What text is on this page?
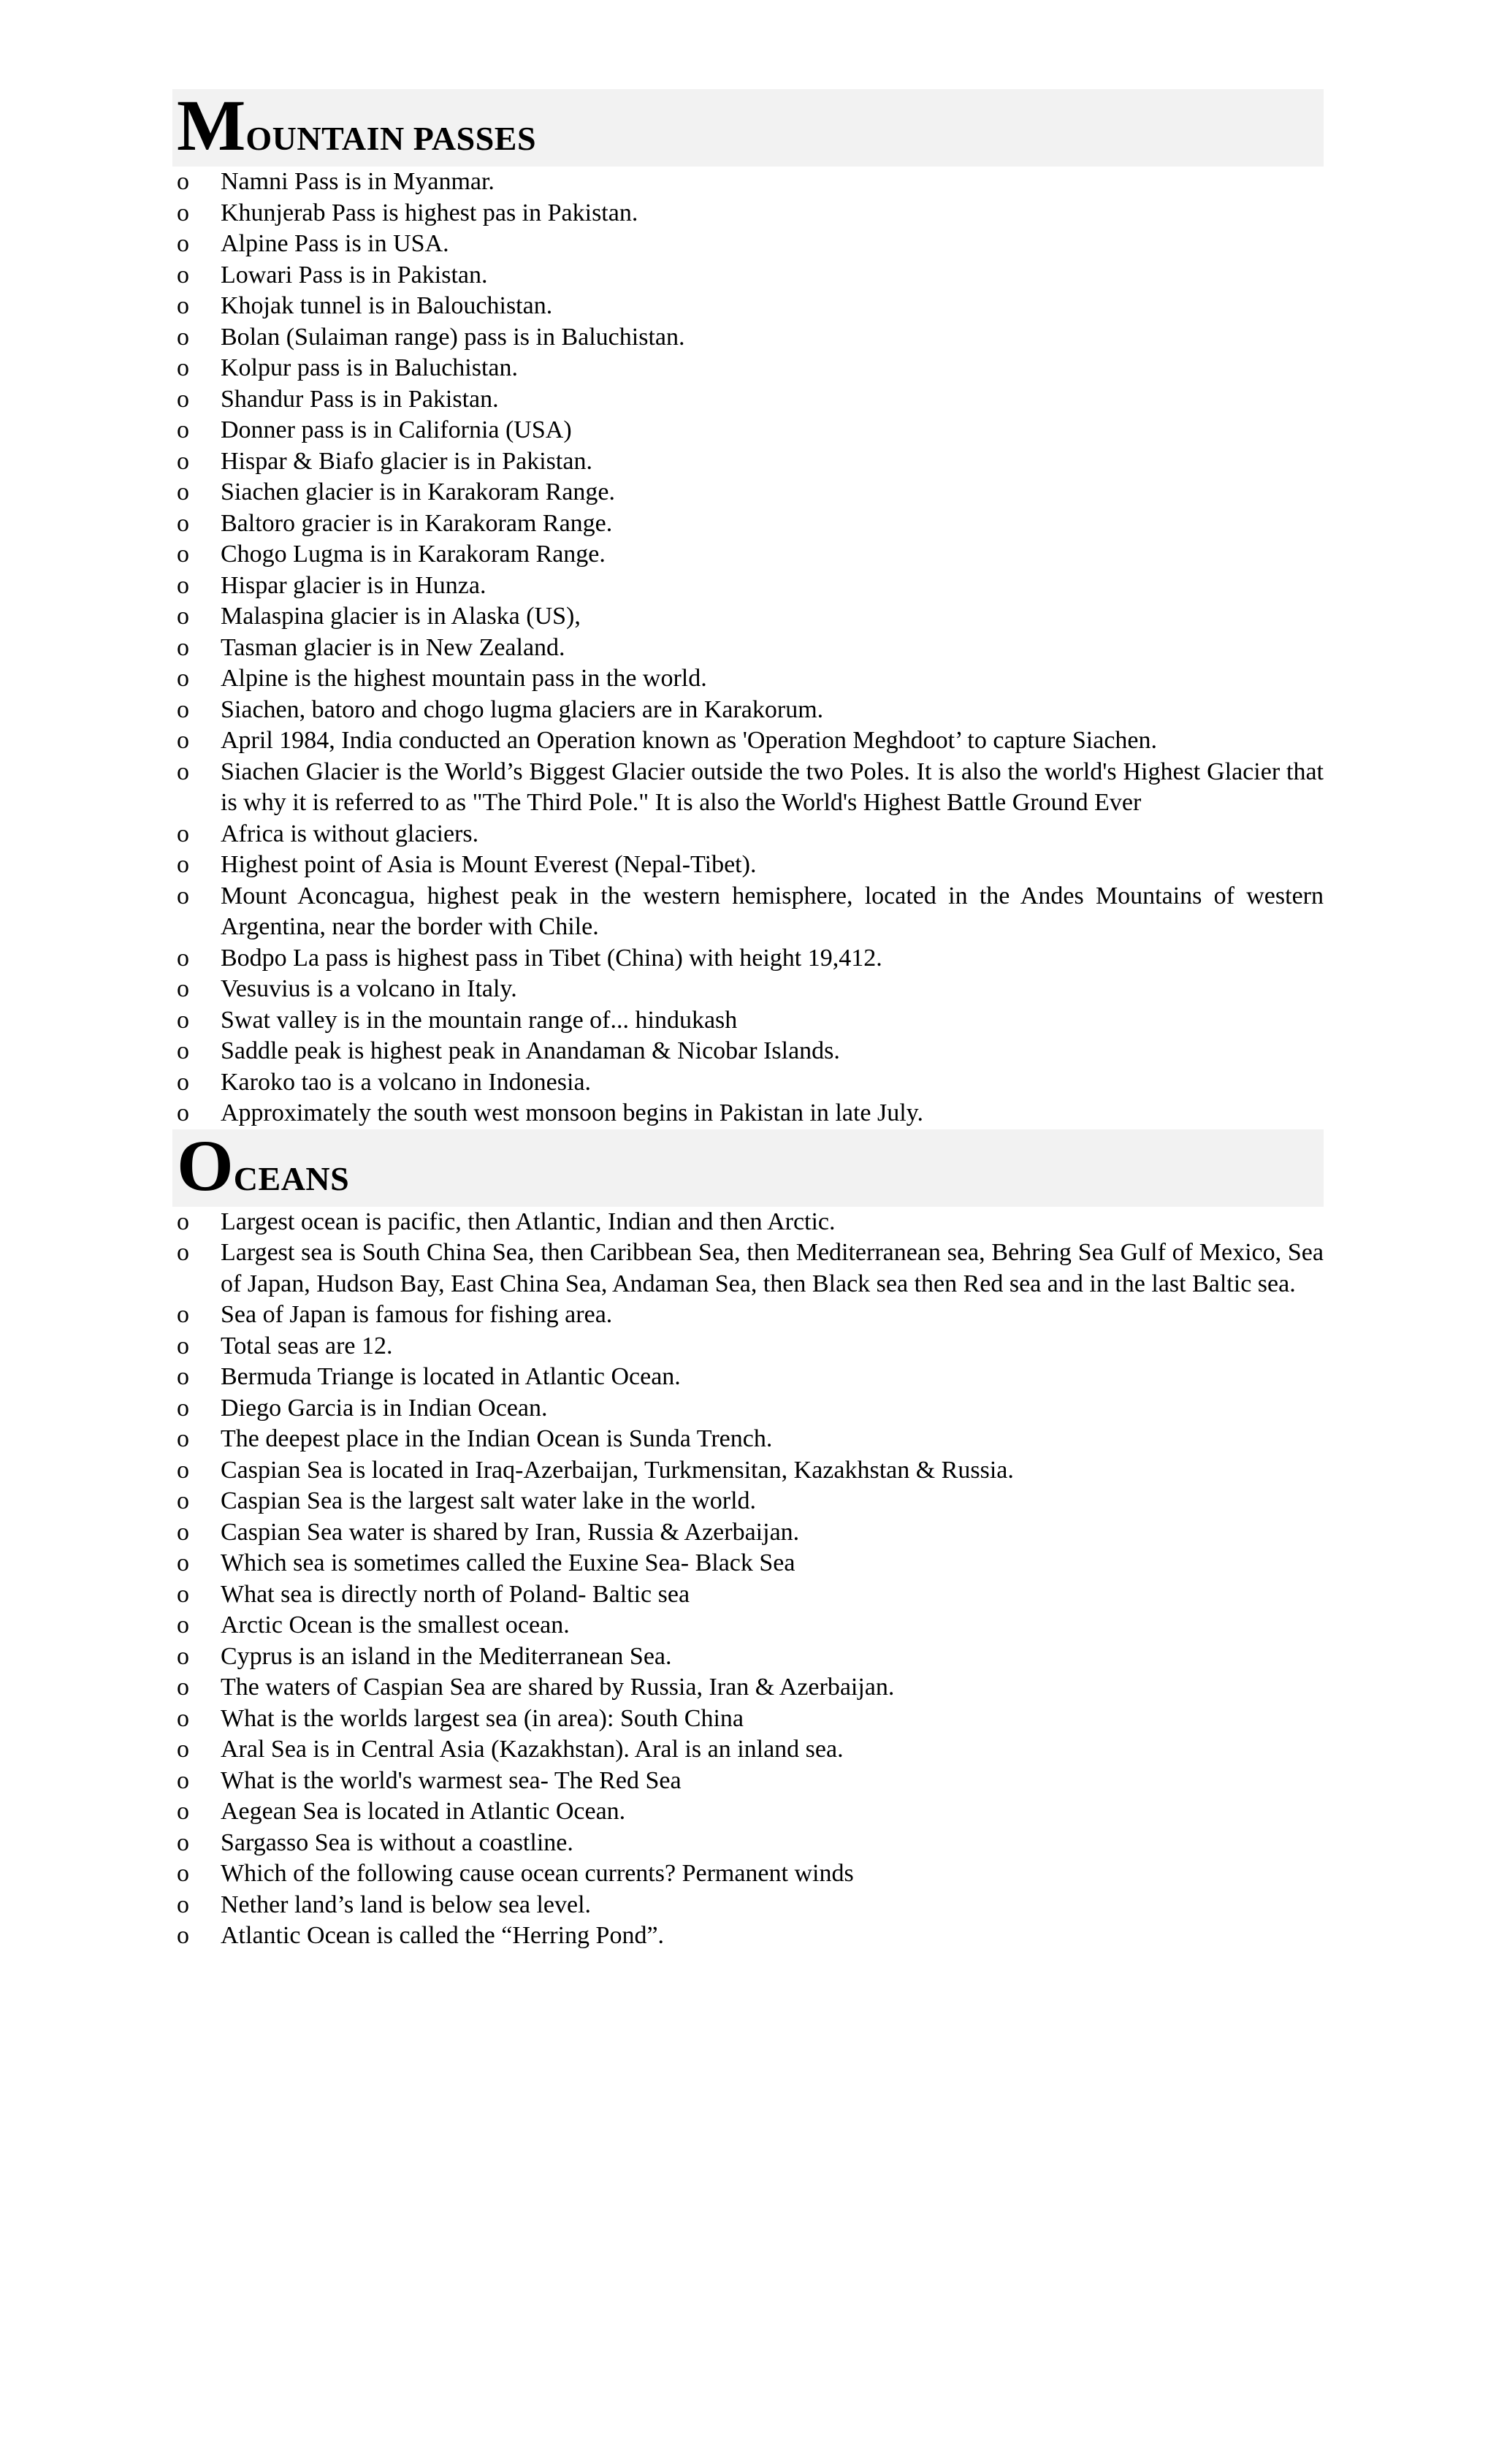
MOUNTAIN PASSES
o Namni Pass is in Myanmar.
o Khunjerab Pass is highest pas in Pakistan.
o Alpine Pass is in USA.
o Lowari Pass is in Pakistan.
o Khojak tunnel is in Balouchistan.
o Bolan (Sulaiman range) pass is in Baluchistan.
o Kolpur pass is in Baluchistan.
o Shandur Pass is in Pakistan.
o Donner pass is in California (USA)
o Hispar & Biafo glacier is in Pakistan.
o Siachen glacier is in Karakoram Range.
o Baltoro gracier is in Karakoram Range.
o Chogo Lugma is in Karakoram Range.
o Hispar glacier is in Hunza.
o Malaspina glacier is in Alaska (US),
o Tasman glacier is in New Zealand.
o Alpine is the highest mountain pass in the world.
o Siachen, batoro and chogo lugma glaciers are in Karakorum.
o April 1984, India conducted an Operation known as 'Operation Meghdoot’ to capture Siachen.
o Siachen Glacier is the World’s Biggest Glacier outside the two Poles. It is also the world's Highest Glacier that is why it is referred to as "The Third Pole." It is also the World's Highest Battle Ground Ever
o Africa is without glaciers.
o Highest point of Asia is Mount Everest (Nepal-Tibet).
o Mount Aconcagua, highest peak in the western hemisphere, located in the Andes Mountains of western Argentina, near the border with Chile.
o Bodpo La pass is highest pass in Tibet (China) with height 19,412.
o Vesuvius is a volcano in Italy.
o Swat valley is in the mountain range of... hindukash
o Saddle peak is highest peak in Anandaman & Nicobar Islands.
o Karoko tao is a volcano in Indonesia.
o Approximately the south west monsoon begins in Pakistan in late July.
OCEANS
o Largest ocean is pacific, then Atlantic, Indian and then Arctic.
o Largest sea is South China Sea, then Caribbean Sea, then Mediterranean sea, Behring Sea Gulf of Mexico, Sea of Japan, Hudson Bay, East China Sea, Andaman Sea, then Black sea then Red sea and in the last Baltic sea.
o Sea of Japan is famous for fishing area.
o Total seas are 12.
o Bermuda Triange is located in Atlantic Ocean.
o Diego Garcia is in Indian Ocean.
o The deepest place in the Indian Ocean is Sunda Trench.
o Caspian Sea is located in Iraq-Azerbaijan, Turkmensitan, Kazakhstan & Russia.
o Caspian Sea is the largest salt water lake in the world.
o Caspian Sea water is shared by Iran, Russia & Azerbaijan.
o Which sea is sometimes called the Euxine Sea- Black Sea
o What sea is directly north of Poland- Baltic sea
o Arctic Ocean is the smallest ocean.
o Cyprus is an island in the Mediterranean Sea.
o The waters of Caspian Sea are shared by Russia, Iran & Azerbaijan.
o What is the worlds largest sea (in area): South China
o Aral Sea is in Central Asia (Kazakhstan). Aral is an inland sea.
o What is the world's warmest sea- The Red Sea
o Aegean Sea is located in Atlantic Ocean.
o Sargasso Sea is without a coastline.
o Which of the following cause ocean currents? Permanent winds
o Nether land’s land is below sea level.
o Atlantic Ocean is called the “Herring Pond”.
